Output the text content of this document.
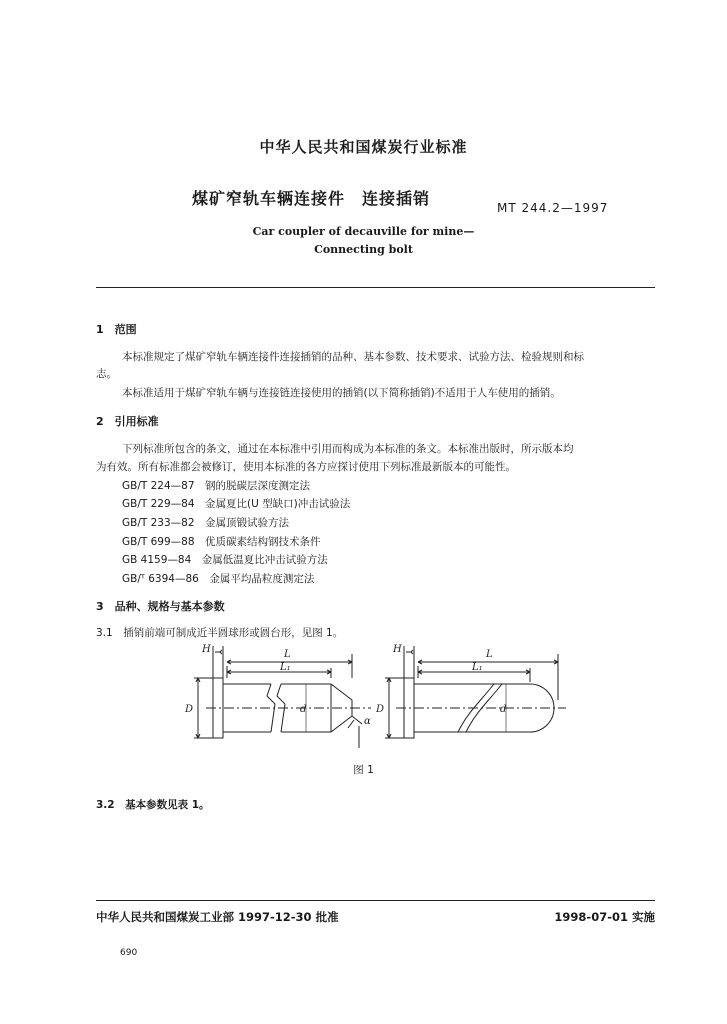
中华人民共和国煤炭行业标准
煤矿窄轨车辆连接件　连接插销	MT 244.2—1997
Car coupler of decauville for mine—
Connecting bolt
1　范围
本标准规定了煤矿窄轨车辆连接件连接插销的品种、基本参数、技术要求、试验方法、检验规则和标
志。
本标准适用于煤矿窄轨车辆与连接链连接使用的插销(以下简称插销)不适用于人车使用的插销。
2　引用标准
下列标准所包含的条文，通过在本标准中引用而构成为本标准的条文。本标准出版时，所示版本均
为有效。所有标准都会被修订，使用本标准的各方应探讨使用下列标准最新版本的可能性。
GB/T 224—87　钢的脱碳层深度测定法
GB/T 229—84　金属夏比(U 型缺口)冲击试验法
GB/T 233—82　金属顶锻试验方法
GB/T 699—88　优质碳素结构钢技术条件
GB 4159—84　金属低温夏比冲击试验方法
GB/ᵀ 6394—86　金属平均晶粒度测定法
3　品种、规格与基本参数
3.1　插销前端可制成近半圆球形或圆台形，见图 1。
H	L
L₁
D	d
α
H	L
L₁
D	d
图 1
3.2　基本参数见表 1。
中华人民共和国煤炭工业部 1997-12-30 批准	1998-07-01 实施
690
